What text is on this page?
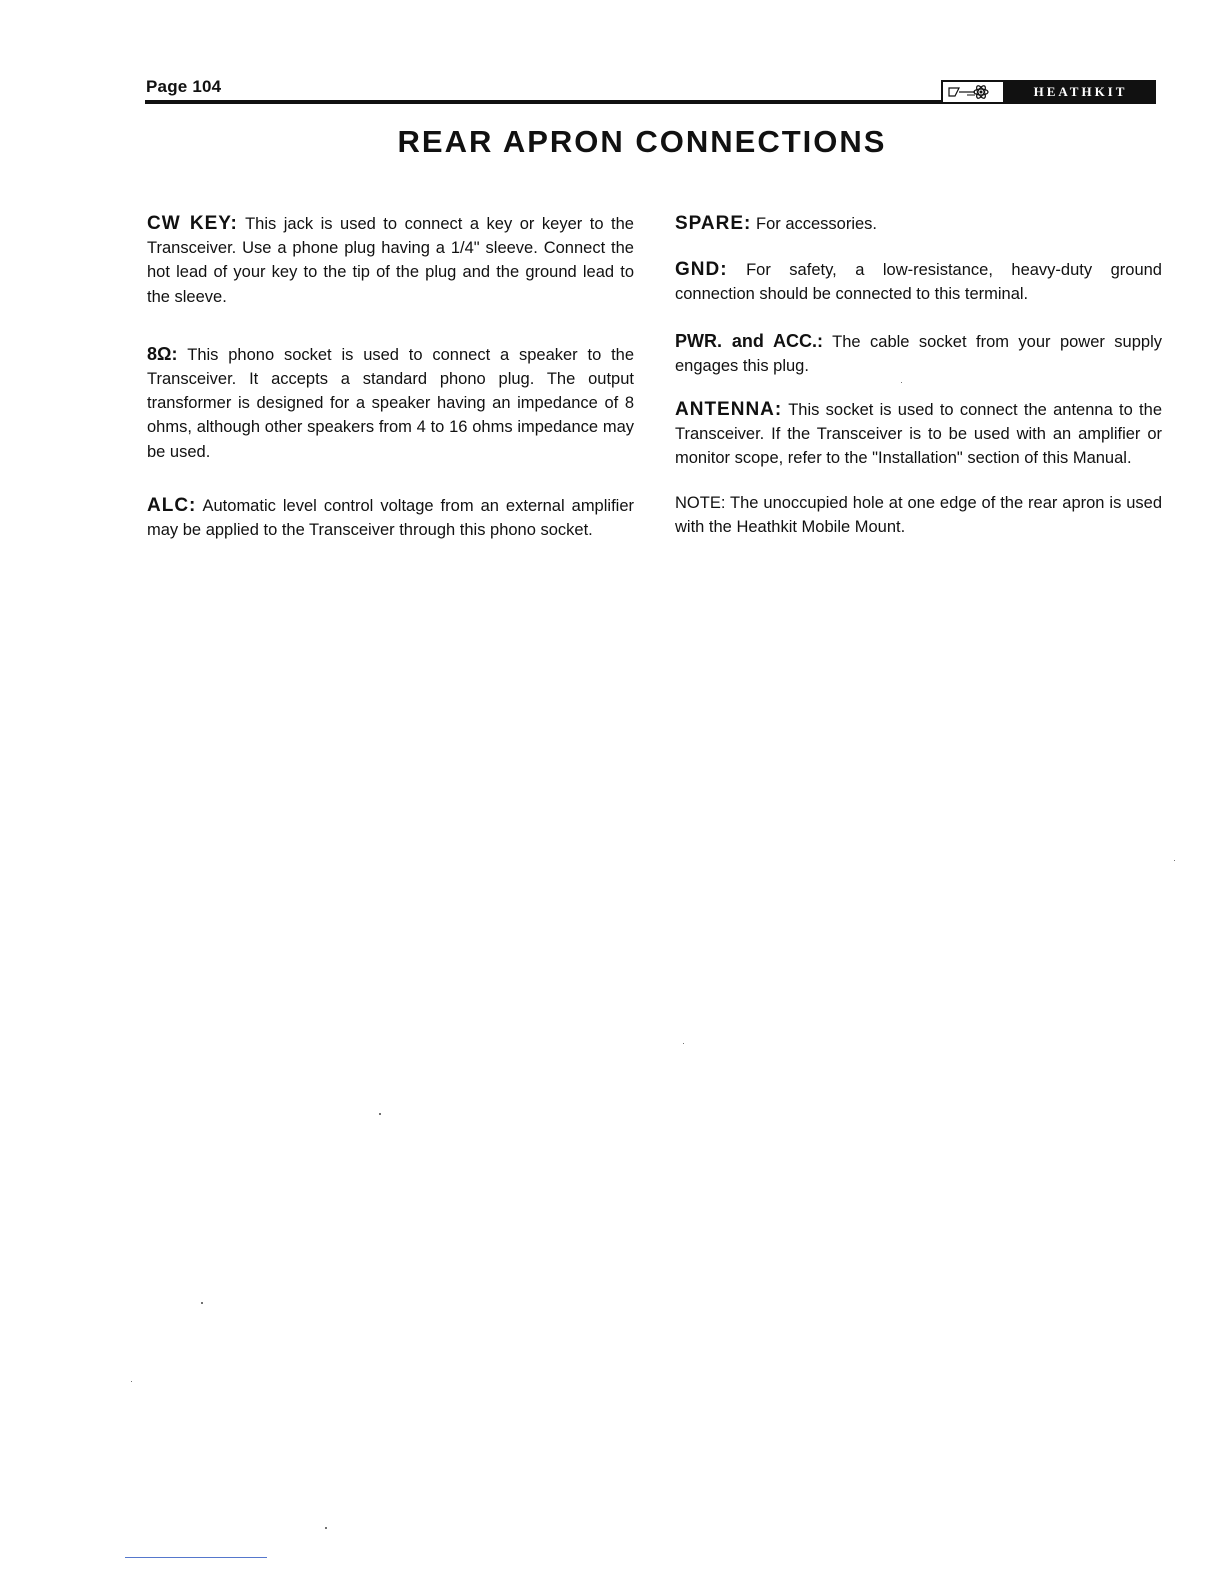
Page 104	HEATHKIT
REAR APRON CONNECTIONS

CW KEY: This jack is used to connect a key or keyer to the Transceiver. Use a phone plug having a 1/4" sleeve. Connect the hot lead of your key to the tip of the plug and the ground lead to the sleeve.

8Ω: This phono socket is used to connect a speaker to the Transceiver. It accepts a standard phono plug. The output transformer is designed for a speaker having an impedance of 8 ohms, although other speakers from 4 to 16 ohms impedance may be used.

ALC: Automatic level control voltage from an external amplifier may be applied to the Transceiver through this phono socket.

SPARE: For accessories.

GND: For safety, a low-resistance, heavy-duty ground connection should be connected to this terminal.

PWR. and ACC.: The cable socket from your power supply engages this plug.

ANTENNA: This socket is used to connect the antenna to the Transceiver. If the Transceiver is to be used with an amplifier or monitor scope, refer to the "Installation" section of this Manual.

NOTE: The unoccupied hole at one edge of the rear apron is used with the Heathkit Mobile Mount.
